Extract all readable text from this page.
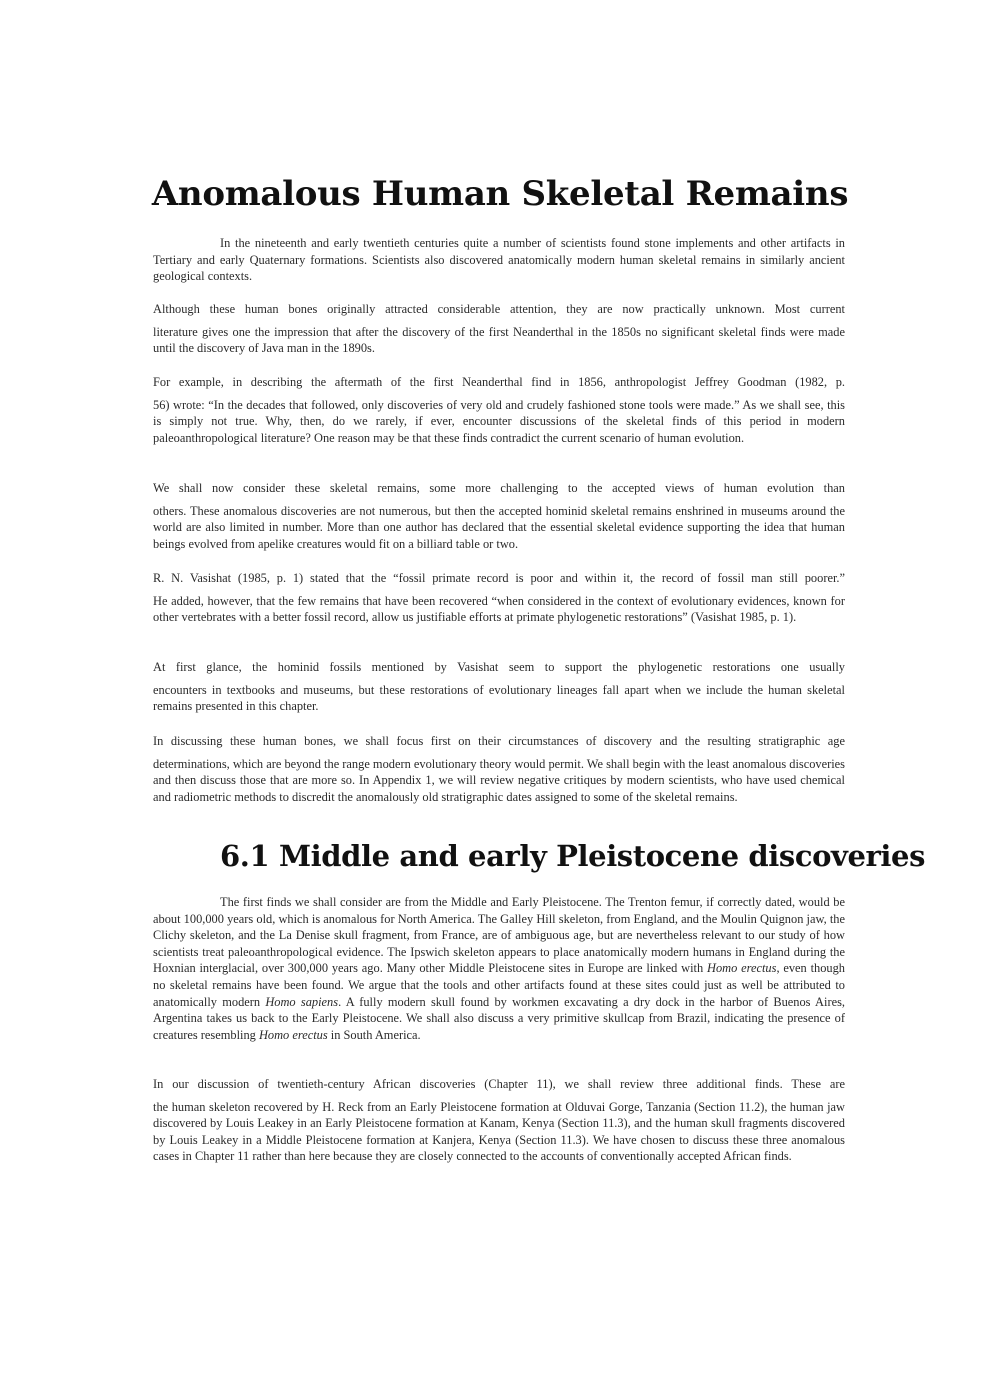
Anomalous Human Skeletal Remains

In the nineteenth and early twentieth centuries quite a number of scientists found stone implements and other artifacts in Tertiary and early Quaternary formations. Scientists also discovered anatomically modern human skeletal remains in similarly ancient geological contexts.

Although these human bones originally attracted considerable attention, they are now practically unknown. Most current
literature gives one the impression that after the discovery of the first Neanderthal in the 1850s no significant skeletal finds were made until the discovery of Java man in the 1890s.

For example, in describing the aftermath of the first Neanderthal find in 1856, anthropologist Jeffrey Goodman (1982, p.
56) wrote: “In the decades that followed, only discoveries of very old and crudely fashioned stone tools were made.” As we shall see, this is simply not true. Why, then, do we rarely, if ever, encounter discussions of the skeletal finds of this period in modern paleoanthropological literature? One reason may be that these finds contradict the current scenario of human evolution.

We shall now consider these skeletal remains, some more challenging to the accepted views of human evolution than
others. These anomalous discoveries are not numerous, but then the accepted hominid skeletal remains enshrined in museums around the world are also limited in number. More than one author has declared that the essential skeletal evidence supporting the idea that human beings evolved from apelike creatures would fit on a billiard table or two.

R. N. Vasishat (1985, p. 1) stated that the “fossil primate record is poor and within it, the record of fossil man still poorer.”
He added, however, that the few remains that have been recovered “when considered in the context of evolutionary evidences, known for other vertebrates with a better fossil record, allow us justifiable efforts at primate phylogenetic restorations” (Vasishat 1985, p. 1).

At first glance, the hominid fossils mentioned by Vasishat seem to support the phylogenetic restorations one usually
encounters in textbooks and museums, but these restorations of evolutionary lineages fall apart when we include the human skeletal remains presented in this chapter.

In discussing these human bones, we shall focus first on their circumstances of discovery and the resulting stratigraphic age
determinations, which are beyond the range modern evolutionary theory would permit. We shall begin with the least anomalous discoveries and then discuss those that are more so. In Appendix 1, we will review negative critiques by modern scientists, who have used chemical and radiometric methods to discredit the anomalously old stratigraphic dates assigned to some of the skeletal remains.

6.1 Middle and early Pleistocene discoveries

The first finds we shall consider are from the Middle and Early Pleistocene. The Trenton femur, if correctly dated, would be about 100,000 years old, which is anomalous for North America. The Galley Hill skeleton, from England, and the Moulin Quignon jaw, the Clichy skeleton, and the La Denise skull fragment, from France, are of ambiguous age, but are nevertheless relevant to our study of how scientists treat paleoanthropological evidence. The Ipswich skeleton appears to place anatomically modern humans in England during the Hoxnian interglacial, over 300,000 years ago. Many other Middle Pleistocene sites in Europe are linked with Homo erectus, even though no skeletal remains have been found. We argue that the tools and other artifacts found at these sites could just as well be attributed to anatomically modern Homo sapiens. A fully modern skull found by workmen excavating a dry dock in the harbor of Buenos Aires, Argentina takes us back to the Early Pleistocene. We shall also discuss a very primitive skullcap from Brazil, indicating the presence of creatures resembling Homo erectus in South America.

In our discussion of twentieth-century African discoveries (Chapter 11), we shall review three additional finds. These are
the human skeleton recovered by H. Reck from an Early Pleistocene formation at Olduvai Gorge, Tanzania (Section 11.2), the human jaw discovered by Louis Leakey in an Early Pleistocene formation at Kanam, Kenya (Section 11.3), and the human skull fragments discovered by Louis Leakey in a Middle Pleistocene formation at Kanjera, Kenya (Section 11.3). We have chosen to discuss these three anomalous cases in Chapter 11 rather than here because they are closely connected to the accounts of conventionally accepted African finds.
